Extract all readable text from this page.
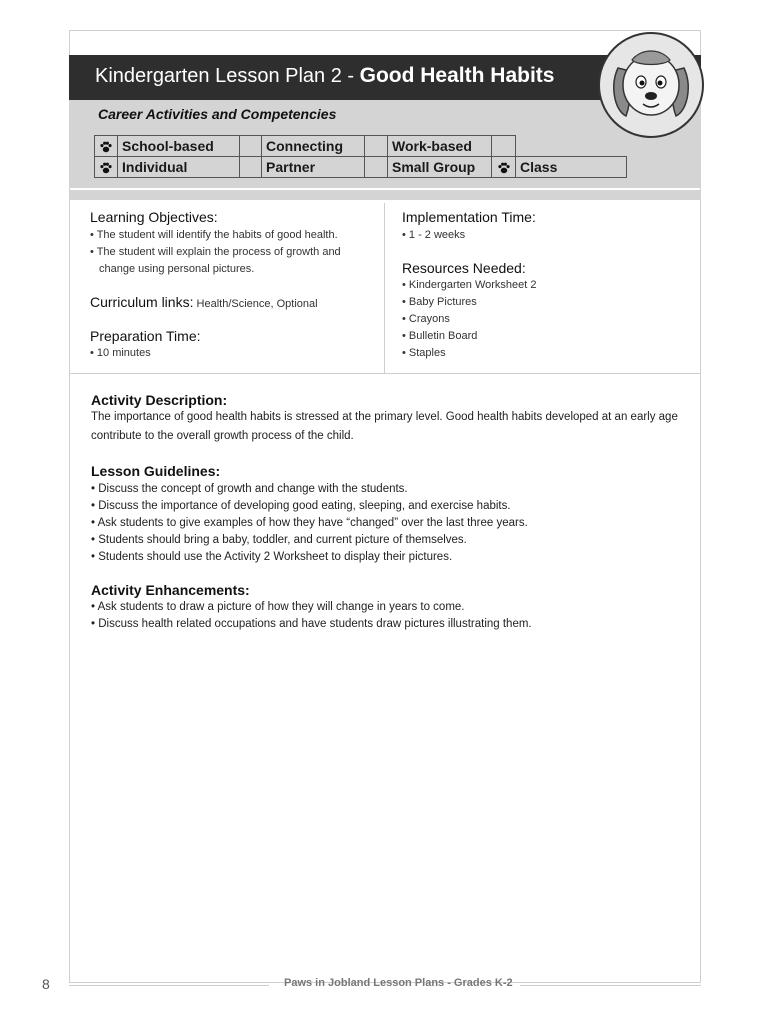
Kindergarten Lesson Plan 2 - Good Health Habits
Career Activities and Competencies
	School-based		Connecting		Work-based		
	Individual		Partner		Small Group		Class
Learning Objectives:
• The student will identify the habits of good health.
• The student will explain the process of growth and
change using personal pictures.
Curriculum links: Health/Science, Optional
Preparation Time:
• 10 minutes
Implementation Time:
• 1 - 2 weeks
Resources Needed:
• Kindergarten Worksheet 2
• Baby Pictures
• Crayons
• Bulletin Board
• Staples
Activity Description:
The importance of good health habits is stressed at the primary level. Good health habits developed at an early age contribute to the overall growth process of the child.
Lesson Guidelines:
• Discuss the concept of growth and change with the students.
• Discuss the importance of developing good eating, sleeping, and exercise habits.
• Ask students to give examples of how they have “changed” over the last three years.
• Students should bring a baby, toddler, and current picture of themselves.
• Students should use the Activity 2 Worksheet to display their pictures.
Activity Enhancements:
• Ask students to draw a picture of how they will change in years to come.
• Discuss health related occupations and have students draw pictures illustrating them.
8	Paws in Jobland Lesson Plans - Grades K-2
